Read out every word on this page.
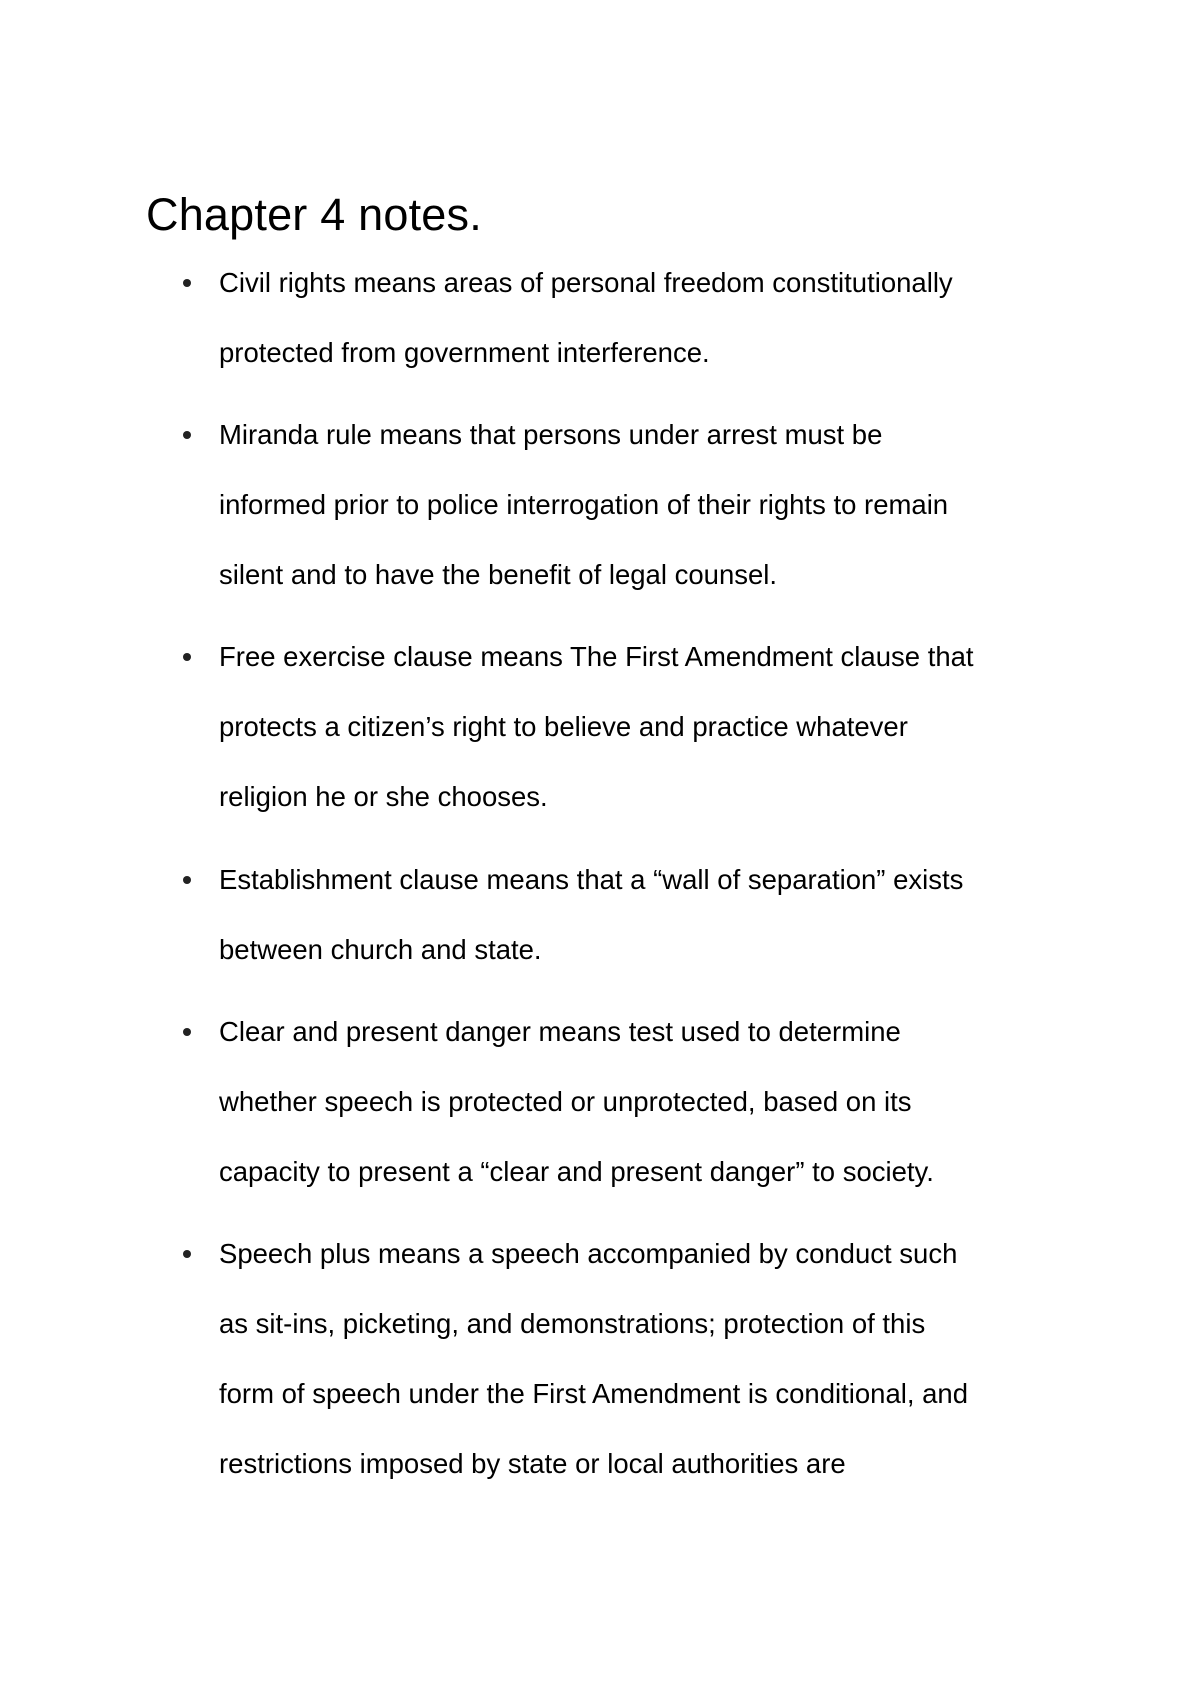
Chapter 4 notes.

Civil rights means areas of personal freedom constitutionally

protected from government interference.

Miranda rule means that persons under arrest must be

informed prior to police interrogation of their rights to remain

silent and to have the benefit of legal counsel.

Free exercise clause means The First Amendment clause that

protects a citizen’s right to believe and practice whatever

religion he or she chooses.

Establishment clause means that a “wall of separation” exists

between church and state.

Clear and present danger means test used to determine

whether speech is protected or unprotected, based on its

capacity to present a “clear and present danger” to society.

Speech plus means a speech accompanied by conduct such

as sit-ins, picketing, and demonstrations; protection of this

form of speech under the First Amendment is conditional, and

restrictions imposed by state or local authorities are
